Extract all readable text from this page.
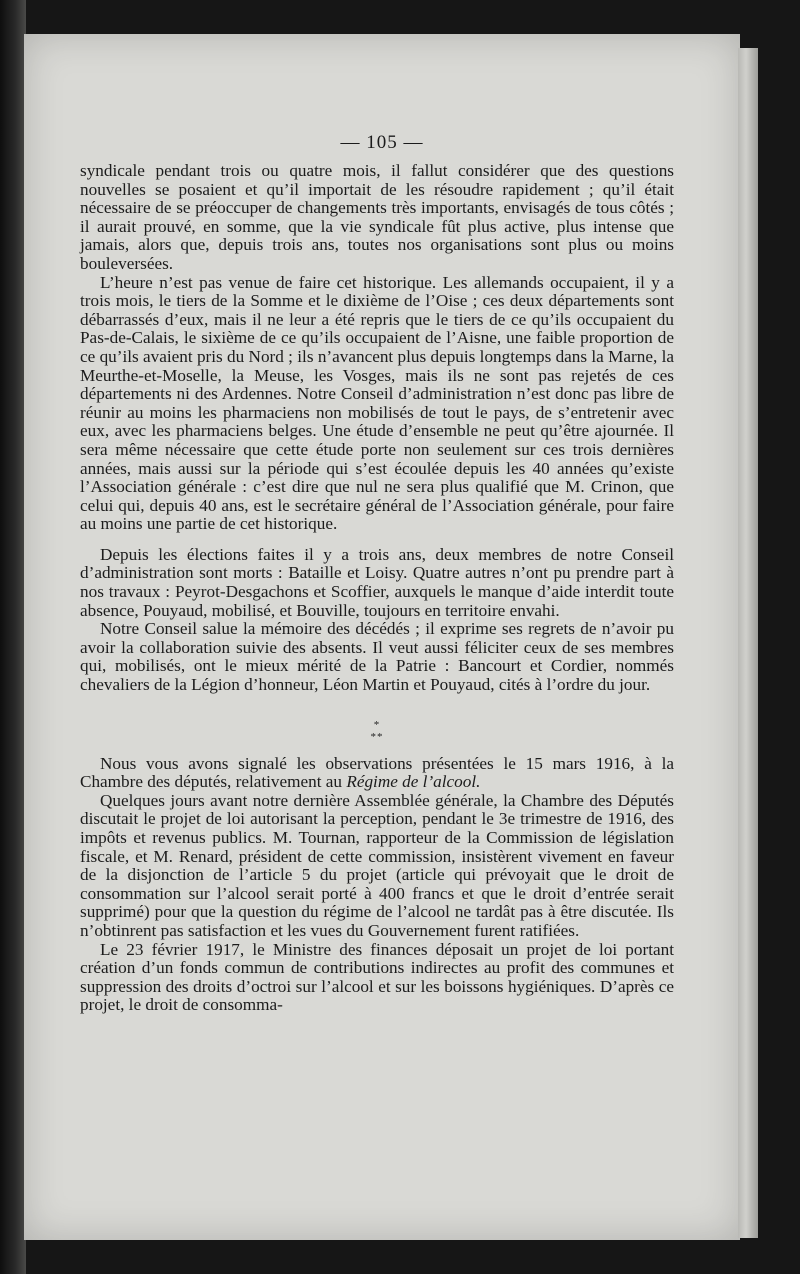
— 105 —

syndicale pendant trois ou quatre mois, il fallut considérer que des questions nouvelles se posaient et qu’il importait de les résoudre rapidement ; qu’il était nécessaire de se préoccuper de changements très importants, envisagés de tous côtés ; il aurait prouvé, en somme, que la vie syndicale fût plus active, plus intense que jamais, alors que, depuis trois ans, toutes nos organisations sont plus ou moins bouleversées.

L’heure n’est pas venue de faire cet historique. Les allemands occupaient, il y a trois mois, le tiers de la Somme et le dixième de l’Oise ; ces deux départements sont débarrassés d’eux, mais il ne leur a été repris que le tiers de ce qu’ils occupaient du Pas-de-Calais, le sixième de ce qu’ils occupaient de l’Aisne, une faible proportion de ce qu’ils avaient pris du Nord ; ils n’avancent plus depuis longtemps dans la Marne, la Meurthe-et-Moselle, la Meuse, les Vosges, mais ils ne sont pas rejetés de ces départements ni des Ardennes. Notre Conseil d’administration n’est donc pas libre de réunir au moins les pharmaciens non mobilisés de tout le pays, de s’entretenir avec eux, avec les pharmaciens belges. Une étude d’ensemble ne peut qu’être ajournée. Il sera même nécessaire que cette étude porte non seulement sur ces trois dernières années, mais aussi sur la période qui s’est écoulée depuis les 40 années qu’existe l’Association générale : c’est dire que nul ne sera plus qualifié que M. Crinon, que celui qui, depuis 40 ans, est le secrétaire général de l’Association générale, pour faire au moins une partie de cet historique.

Depuis les élections faites il y a trois ans, deux membres de notre Conseil d’administration sont morts : Bataille et Loisy. Quatre autres n’ont pu prendre part à nos travaux : Peyrot-Desgachons et Scoffier, auxquels le manque d’aide interdit toute absence, Pouyaud, mobilisé, et Bouville, toujours en territoire envahi.

Notre Conseil salue la mémoire des décédés ; il exprime ses regrets de n’avoir pu avoir la collaboration suivie des absents. Il veut aussi féliciter ceux de ses membres qui, mobilisés, ont le mieux mérité de la Patrie : Bancourt et Cordier, nommés chevaliers de la Légion d’honneur, Léon Martin et Pouyaud, cités à l’ordre du jour.

*

**

Nous vous avons signalé les observations présentées le 15 mars 1916, à la Chambre des députés, relativement au Régime de l’alcool.

Quelques jours avant notre dernière Assemblée générale, la Chambre des Députés discutait le projet de loi autorisant la perception, pendant le 3e trimestre de 1916, des impôts et revenus publics. M. Tournan, rapporteur de la Commission de législation fiscale, et M. Renard, président de cette commission, insistèrent vivement en faveur de la disjonction de l’article 5 du projet (article qui prévoyait que le droit de consommation sur l’alcool serait porté à 400 francs et que le droit d’entrée serait supprimé) pour que la question du régime de l’alcool ne tardât pas à être discutée. Ils n’obtinrent pas satisfaction et les vues du Gouvernement furent ratifiées.

Le 23 février 1917, le Ministre des finances déposait un projet de loi portant création d’un fonds commun de contributions indirectes au profit des communes et suppression des droits d’octroi sur l’alcool et sur les boissons hygiéniques. D’après ce projet, le droit de consomma-
